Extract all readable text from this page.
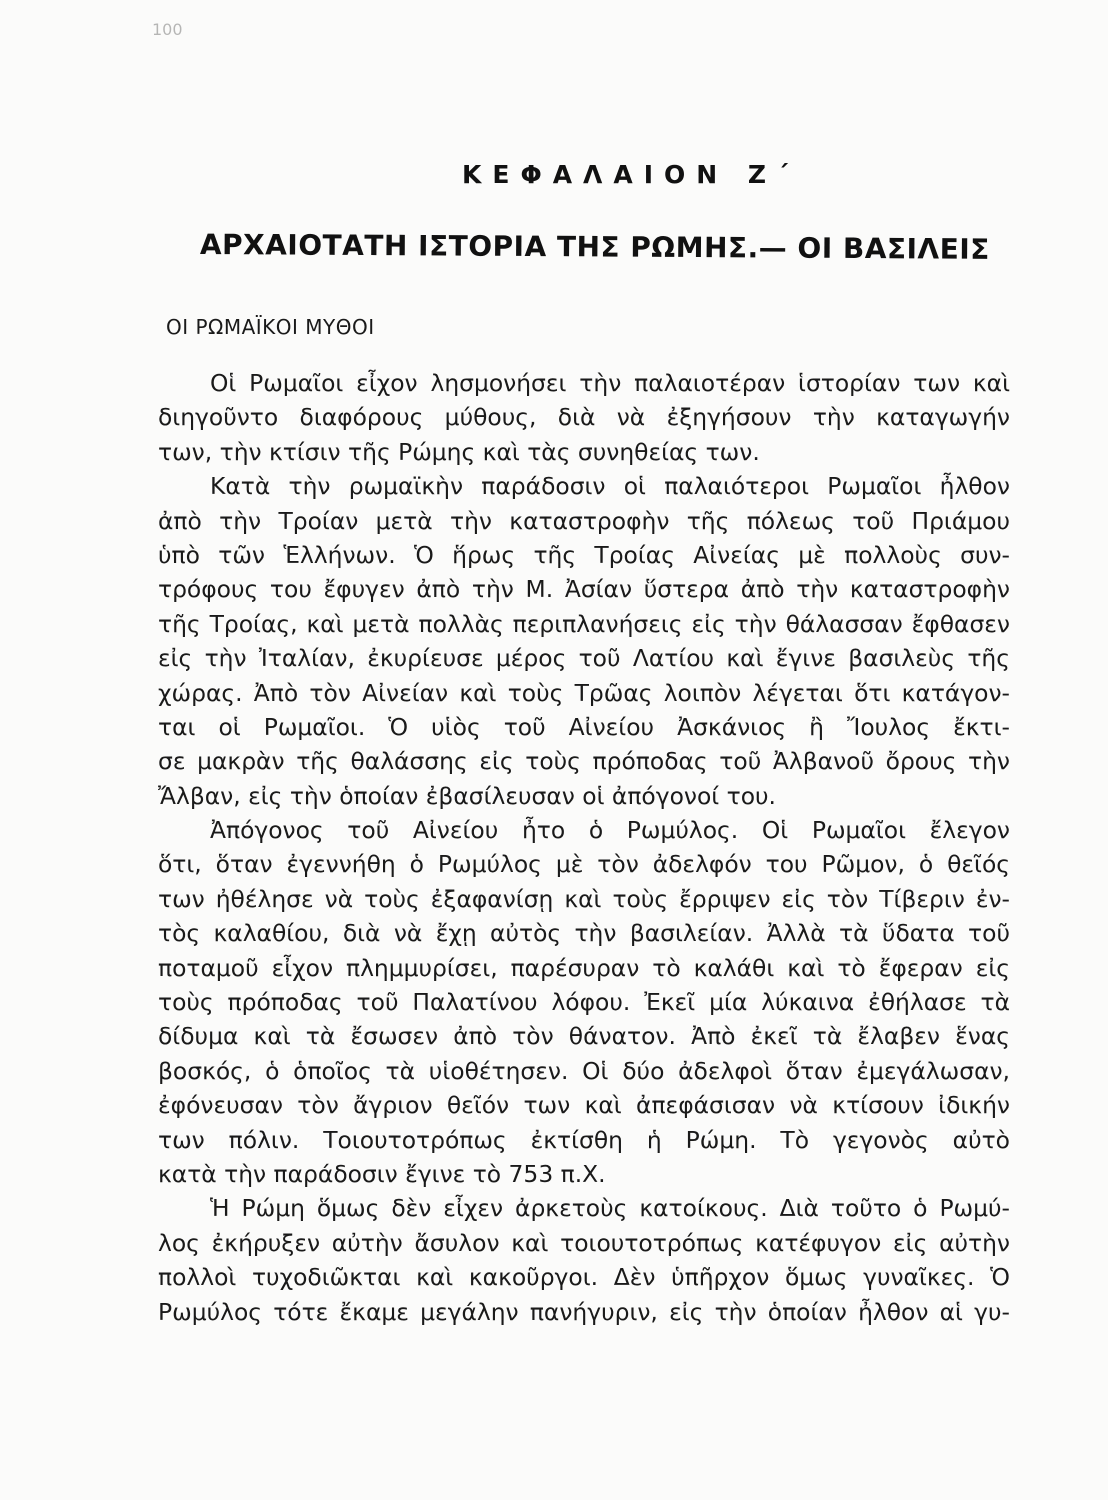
100
ΚΕΦΑΛΑΙΟΝ Ζ΄
ΑΡΧΑΙΟΤΑΤΗ ΙΣΤΟΡΙΑ ΤΗΣ ΡΩΜΗΣ.— ΟΙ ΒΑΣΙΛΕΙΣ
ΟΙ ΡΩΜΑΪΚΟΙ ΜΥΘΟΙ
Οἱ Ρωμαῖοι εἶχον λησμονήσει τὴν παλαιοτέραν ἱστορίαν των καὶ
διηγοῦντο διαφόρους μύθους, διὰ νὰ ἐξηγήσουν τὴν καταγωγήν
των, τὴν κτίσιν τῆς Ρώμης καὶ τὰς συνηθείας των.
Κατὰ τὴν ρωμαϊκὴν παράδοσιν οἱ παλαιότεροι Ρωμαῖοι ἦλθον
ἀπὸ τὴν Τροίαν μετὰ τὴν καταστροφὴν τῆς πόλεως τοῦ Πριάμου
ὑπὸ τῶν Ἑλλήνων. Ὁ ἥρως τῆς Τροίας Αἰνείας μὲ πολλοὺς συν-
τρόφους του ἔφυγεν ἀπὸ τὴν Μ. Ἀσίαν ὕστερα ἀπὸ τὴν καταστροφὴν
τῆς Τροίας, καὶ μετὰ πολλὰς περιπλανήσεις εἰς τὴν θάλασσαν ἔφθασεν
εἰς τὴν Ἰταλίαν, ἐκυρίευσε μέρος τοῦ Λατίου καὶ ἔγινε βασιλεὺς τῆς
χώρας. Ἀπὸ τὸν Αἰνείαν καὶ τοὺς Τρῶας λοιπὸν λέγεται ὅτι κατάγον-
ται οἱ Ρωμαῖοι. Ὁ υἱὸς τοῦ Αἰνείου Ἀσκάνιος ἢ Ἴουλος ἔκτι-
σε μακρὰν τῆς θαλάσσης εἰς τοὺς πρόποδας τοῦ Ἀλβανοῦ ὄρους τὴν
Ἄλβαν, εἰς τὴν ὁποίαν ἐβασίλευσαν οἱ ἀπόγονοί του.
Ἀπόγονος τοῦ Αἰνείου ἦτο ὁ Ρωμύλος. Οἱ Ρωμαῖοι ἔλεγον
ὅτι, ὅταν ἐγεννήθη ὁ Ρωμύλος μὲ τὸν ἀδελφόν του Ρῶμον, ὁ θεῖός
των ἠθέλησε νὰ τοὺς ἐξαφανίσῃ καὶ τοὺς ἔρριψεν εἰς τὸν Τίβεριν ἐν-
τὸς καλαθίου, διὰ νὰ ἔχῃ αὐτὸς τὴν βασιλείαν. Ἀλλὰ τὰ ὕδατα τοῦ
ποταμοῦ εἶχον πλημμυρίσει, παρέσυραν τὸ καλάθι καὶ τὸ ἔφεραν εἰς
τοὺς πρόποδας τοῦ Παλατίνου λόφου. Ἐκεῖ μία λύκαινα ἐθήλασε τὰ
δίδυμα καὶ τὰ ἔσωσεν ἀπὸ τὸν θάνατον. Ἀπὸ ἐκεῖ τὰ ἔλαβεν ἕνας
βοσκός, ὁ ὁποῖος τὰ υἱοθέτησεν. Οἱ δύο ἀδελφοὶ ὅταν ἐμεγάλωσαν,
ἐφόνευσαν τὸν ἄγριον θεῖόν των καὶ ἀπεφάσισαν νὰ κτίσουν ἰδικήν
των πόλιν. Τοιουτοτρόπως ἐκτίσθη ἡ Ρώμη. Τὸ γεγονὸς αὐτὸ
κατὰ τὴν παράδοσιν ἔγινε τὸ 753 π.Χ.
Ἡ Ρώμη ὅμως δὲν εἶχεν ἀρκετοὺς κατοίκους. Διὰ τοῦτο ὁ Ρωμύ-
λος ἐκήρυξεν αὐτὴν ἄσυλον καὶ τοιουτοτρόπως κατέφυγον εἰς αὐτὴν
πολλοὶ τυχοδιῶκται καὶ κακοῦργοι. Δὲν ὑπῆρχον ὅμως γυναῖκες. Ὁ
Ρωμύλος τότε ἔκαμε μεγάλην πανήγυριν, εἰς τὴν ὁποίαν ἦλθον αἱ γυ-
